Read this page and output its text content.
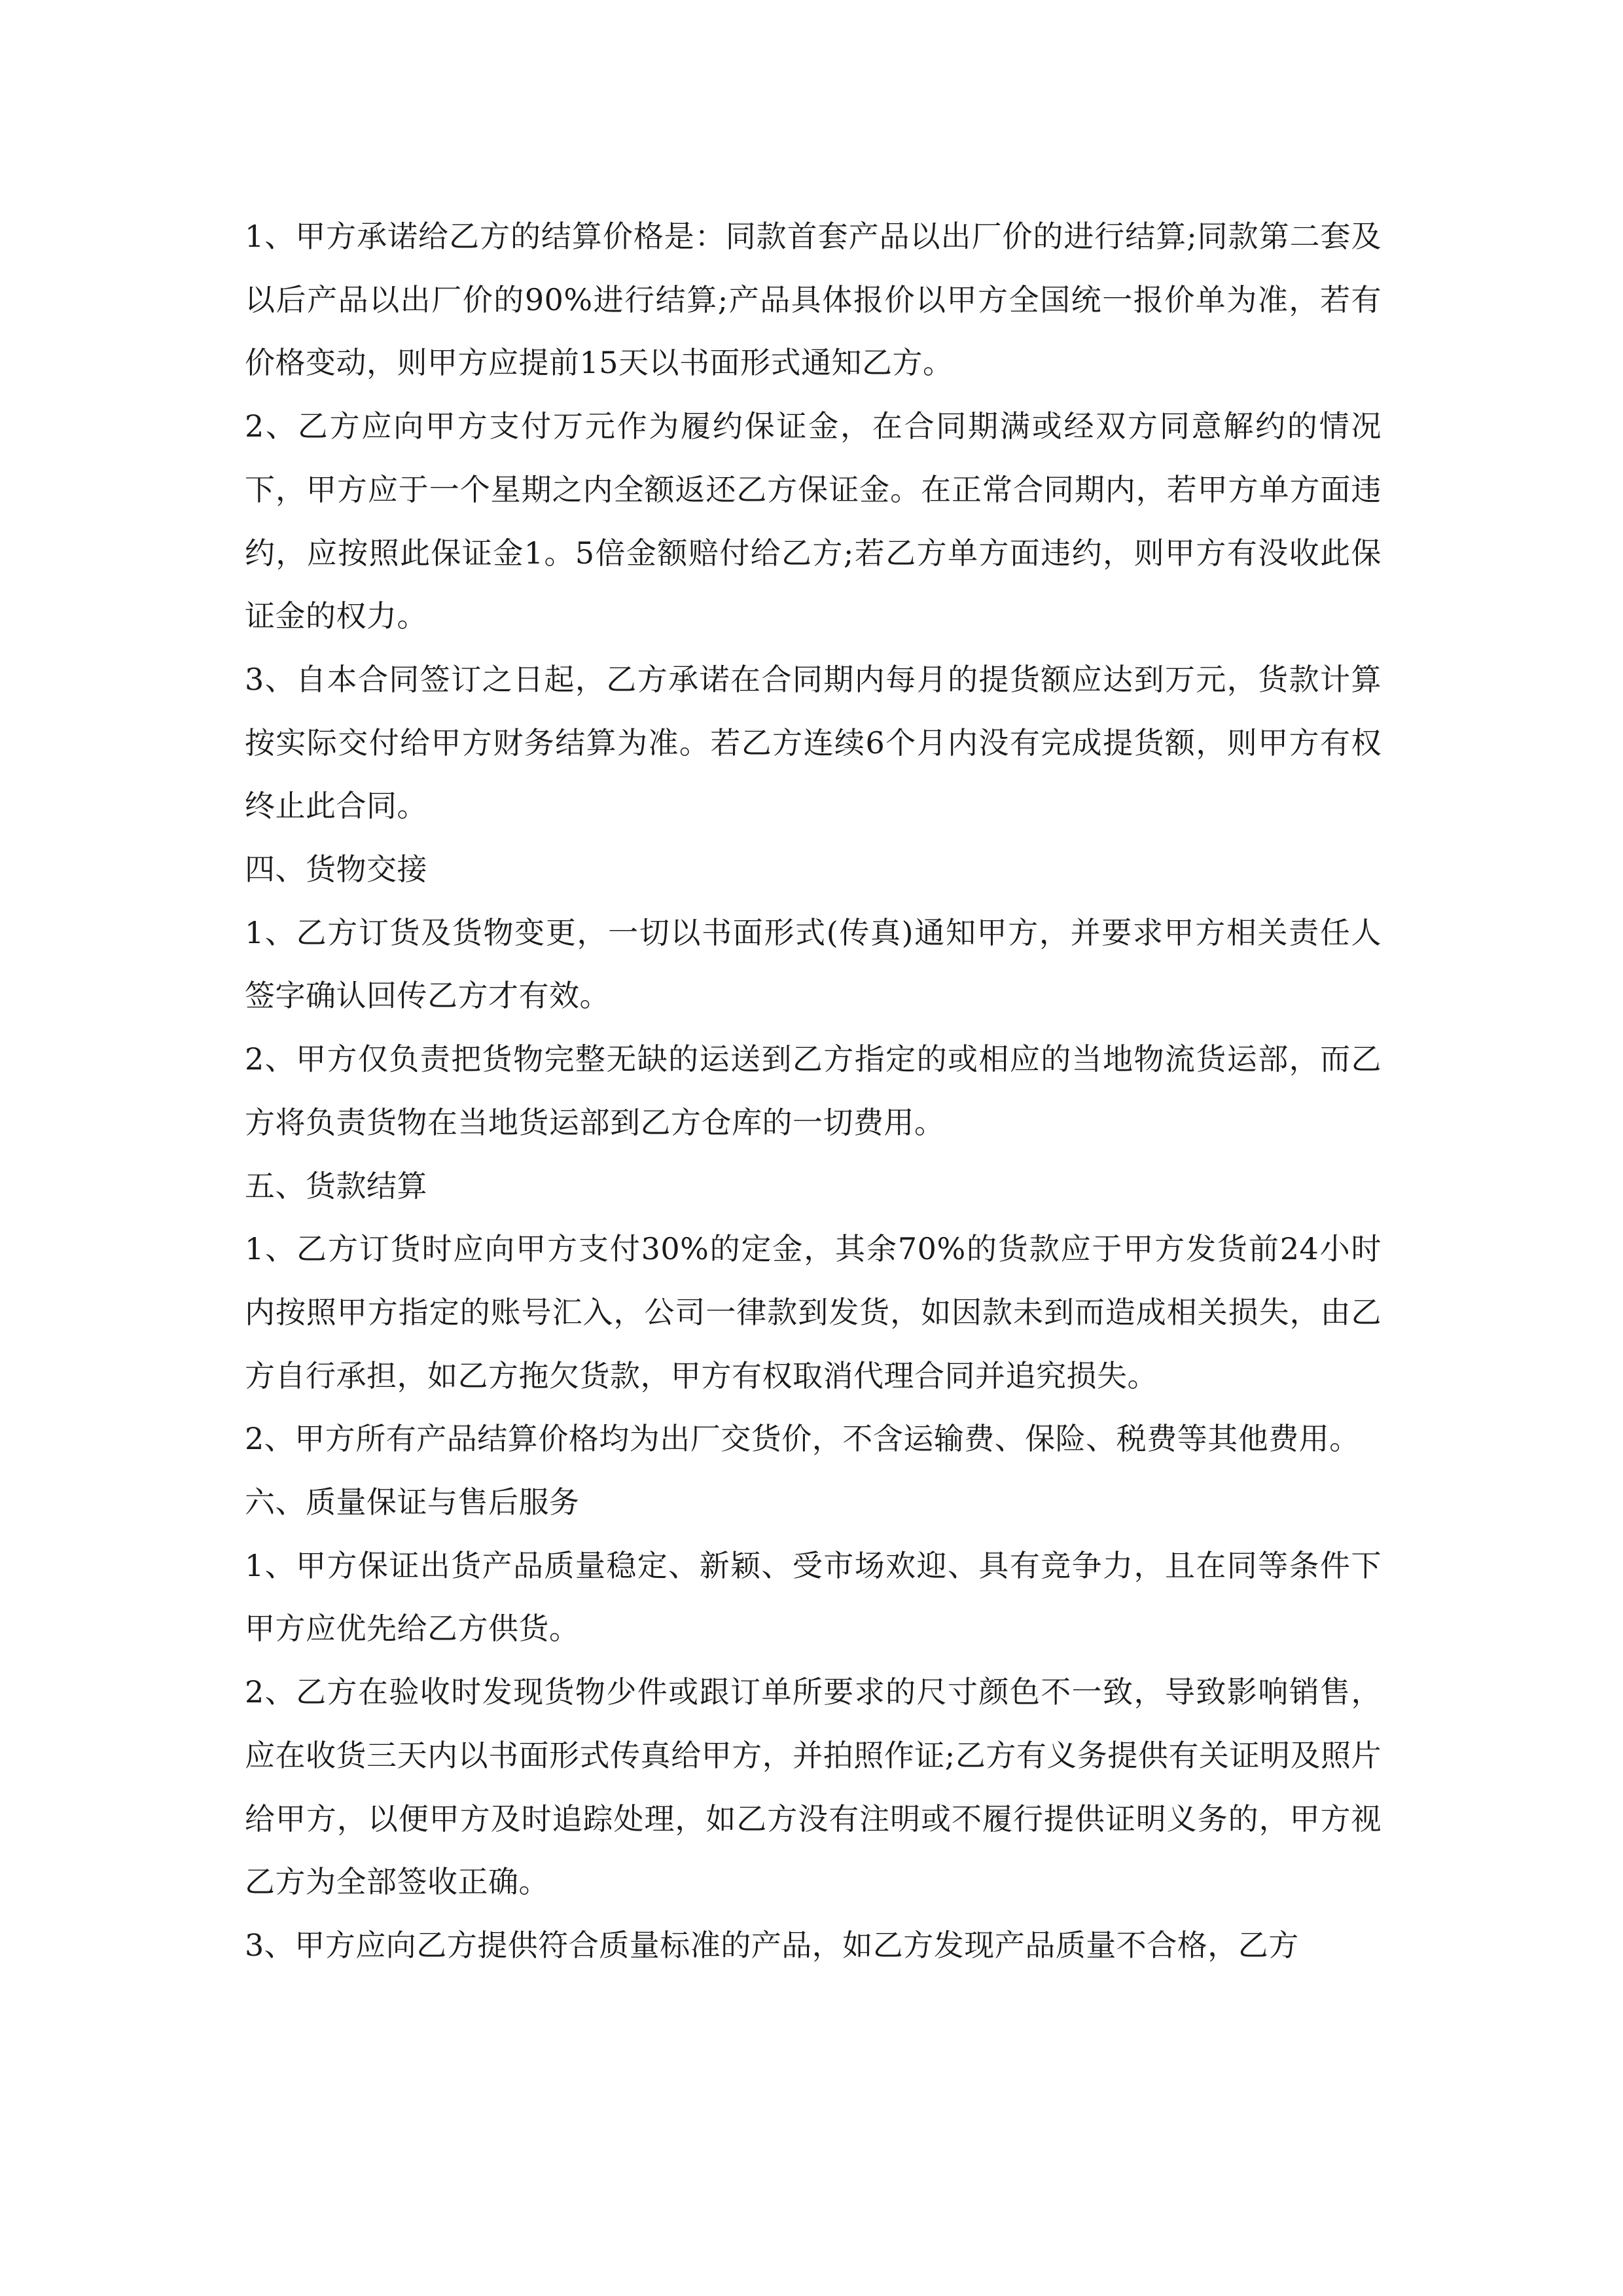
1、甲方承诺给乙方的结算价格是：同款首套产品以出厂价的进行结算;同款第二套及以后产品以出厂价的90%进行结算;产品具体报价以甲方全国统一报价单为准，若有价格变动，则甲方应提前15天以书面形式通知乙方。

2、乙方应向甲方支付万元作为履约保证金，在合同期满或经双方同意解约的情况下，甲方应于一个星期之内全额返还乙方保证金。在正常合同期内，若甲方单方面违约，应按照此保证金1。5倍金额赔付给乙方;若乙方单方面违约，则甲方有没收此保证金的权力。

3、自本合同签订之日起，乙方承诺在合同期内每月的提货额应达到万元，货款计算按实际交付给甲方财务结算为准。若乙方连续6个月内没有完成提货额，则甲方有权终止此合同。

四、货物交接

1、乙方订货及货物变更，一切以书面形式(传真)通知甲方，并要求甲方相关责任人签字确认回传乙方才有效。

2、甲方仅负责把货物完整无缺的运送到乙方指定的或相应的当地物流货运部，而乙方将负责货物在当地货运部到乙方仓库的一切费用。

五、货款结算

1、乙方订货时应向甲方支付30%的定金，其余70%的货款应于甲方发货前24小时内按照甲方指定的账号汇入，公司一律款到发货，如因款未到而造成相关损失，由乙方自行承担，如乙方拖欠货款，甲方有权取消代理合同并追究损失。

2、甲方所有产品结算价格均为出厂交货价，不含运输费、保险、税费等其他费用。

六、质量保证与售后服务

1、甲方保证出货产品质量稳定、新颖、受市场欢迎、具有竞争力，且在同等条件下甲方应优先给乙方供货。

2、乙方在验收时发现货物少件或跟订单所要求的尺寸颜色不一致，导致影响销售，应在收货三天内以书面形式传真给甲方，并拍照作证;乙方有义务提供有关证明及照片给甲方，以便甲方及时追踪处理，如乙方没有注明或不履行提供证明义务的，甲方视乙方为全部签收正确。

3、甲方应向乙方提供符合质量标准的产品，如乙方发现产品质量不合格，乙方
